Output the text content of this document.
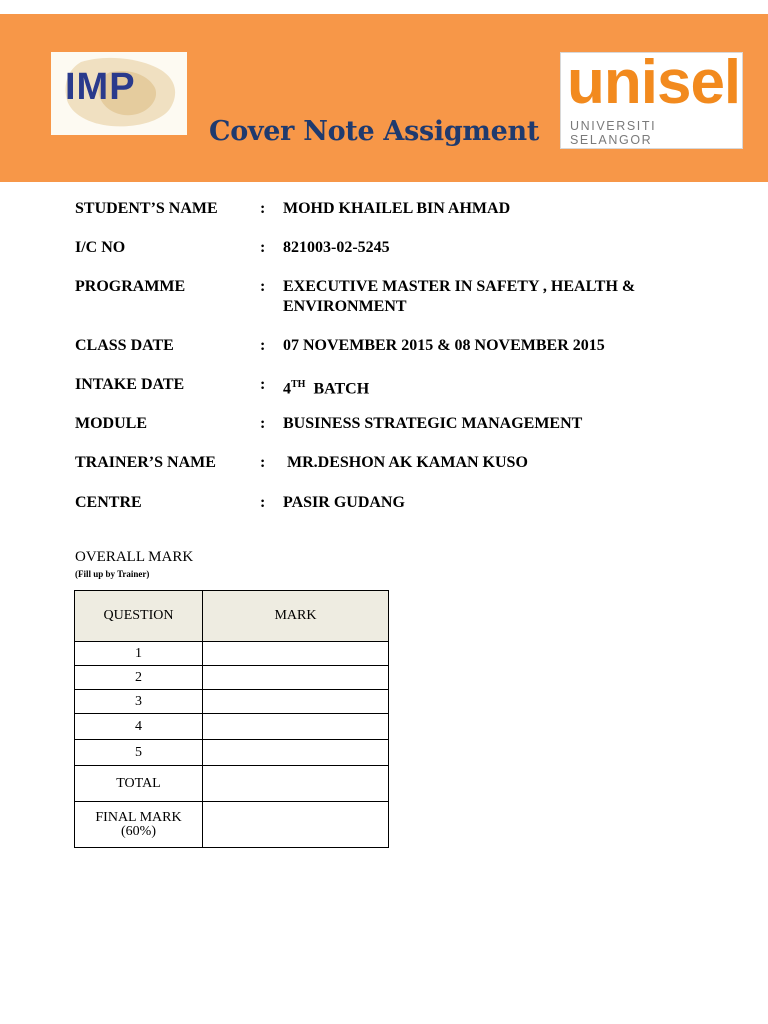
IMP
Cover Note Assigment
unisel
UNIVERSITI SELANGOR
STUDENT’S NAME	: MOHD KHAILEL BIN AHMAD
I/C NO	: 821003-02-5245
PROGRAMME	: EXECUTIVE MASTER IN SAFETY , HEALTH & ENVIRONMENT
CLASS DATE	: 07 NOVEMBER 2015 & 08 NOVEMBER 2015
INTAKE DATE	: 4TH  BATCH
MODULE	: BUSINESS STRATEGIC MANAGEMENT
TRAINER’S NAME	: MR.DESHON AK KAMAN KUSO
CENTRE	: PASIR GUDANG
OVERALL MARK
(Fill up by Trainer)
QUESTION	MARK
1	
2	
3	
4	
5	
TOTAL	

FINAL MARK
(60%)	
